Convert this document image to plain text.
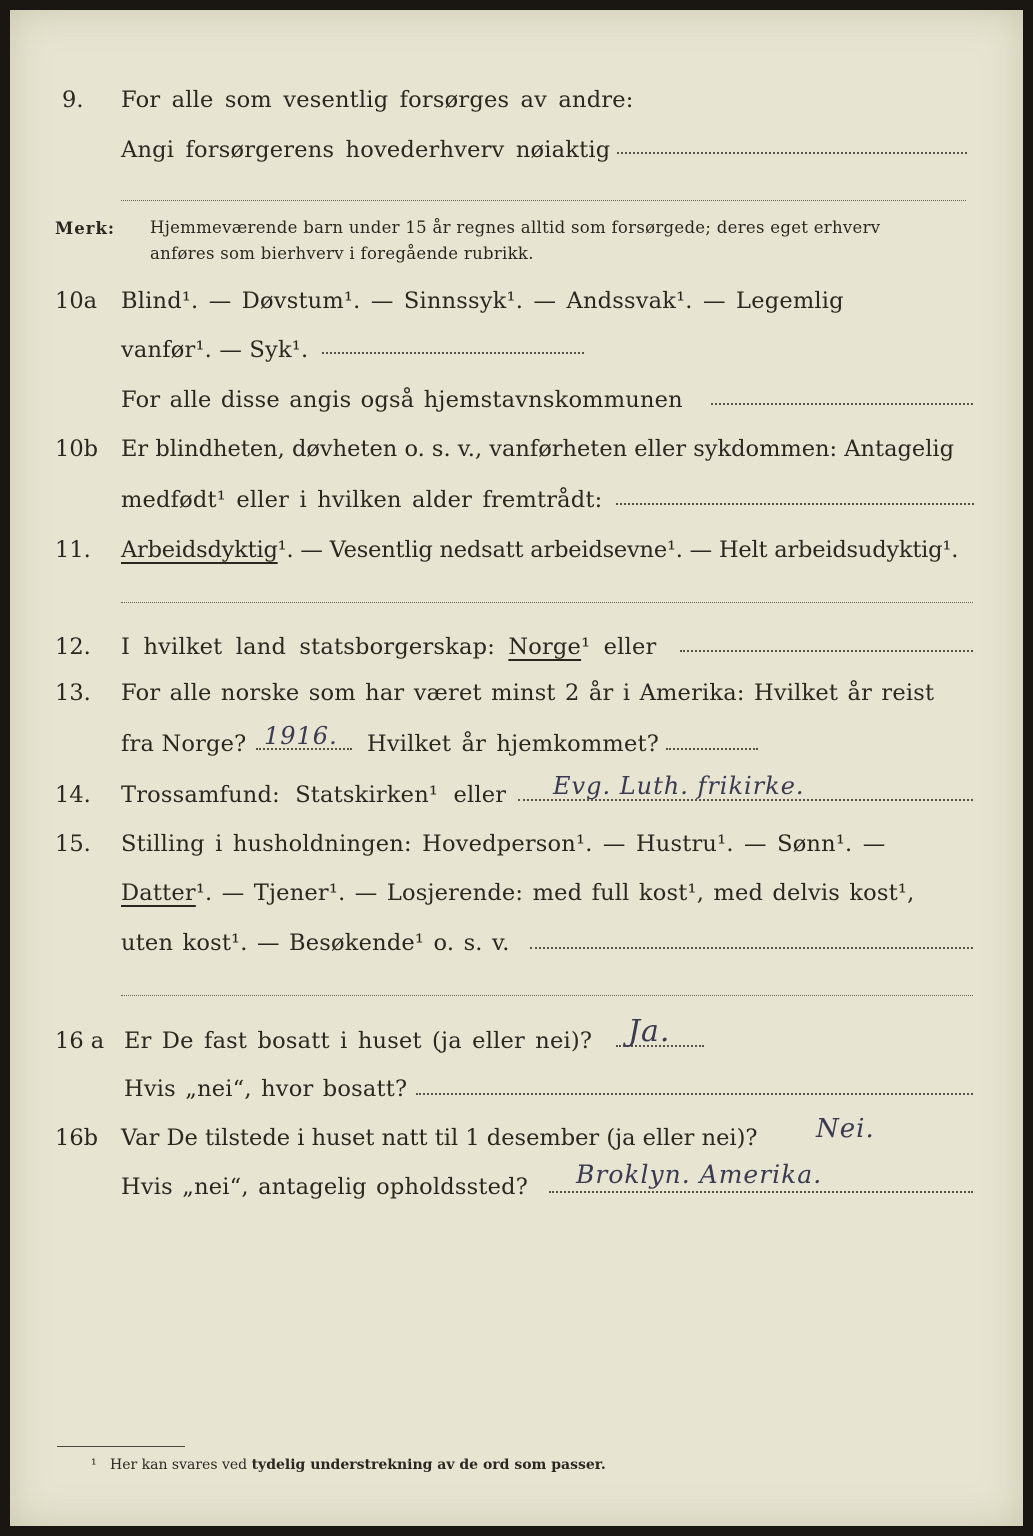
9. For alle som vesentlig forsørges av andre:
Angi forsørgerens hovederhverv nøiaktig
Merk: Hjemmeværende barn under 15 år regnes alltid som forsørgede; deres eget erhverv
anføres som bierhverv i foregående rubrikk.
10a Blind¹. — Døvstum¹. — Sinnssyk¹. — Andssvak¹. — Legemlig
vanfør¹. — Syk¹.
For alle disse angis også hjemstavnskommunen
10b Er blindheten, døvheten o. s. v., vanførheten eller sykdommen: Antagelig
medfødt¹ eller i hvilken alder fremtrådt:
11. Arbeidsdyktig¹. — Vesentlig nedsatt arbeidsevne¹. — Helt arbeidsudyktig¹.
12. I hvilket land statsborgerskap: Norge¹ eller
13. For alle norske som har været minst 2 år i Amerika: Hvilket år reist
fra Norge? 1916. Hvilket år hjemkommet?
14. Trossamfund: Statskirken¹ eller Evg. Luth. frikirke.
15. Stilling i husholdningen: Hovedperson¹. — Hustru¹. — Sønn¹. —
Datter¹. — Tjener¹. — Losjerende: med full kost¹, med delvis kost¹,
uten kost¹. — Besøkende¹ o. s. v.
16 a Er De fast bosatt i huset (ja eller nei)? Ja.
Hvis „nei“, hvor bosatt?
16b Var De tilstede i huset natt til 1 desember (ja eller nei)? Nei.
Hvis „nei“, antagelig opholdssted? Broklyn. Amerika.
¹ Her kan svares ved tydelig understrekning av de ord som passer.
